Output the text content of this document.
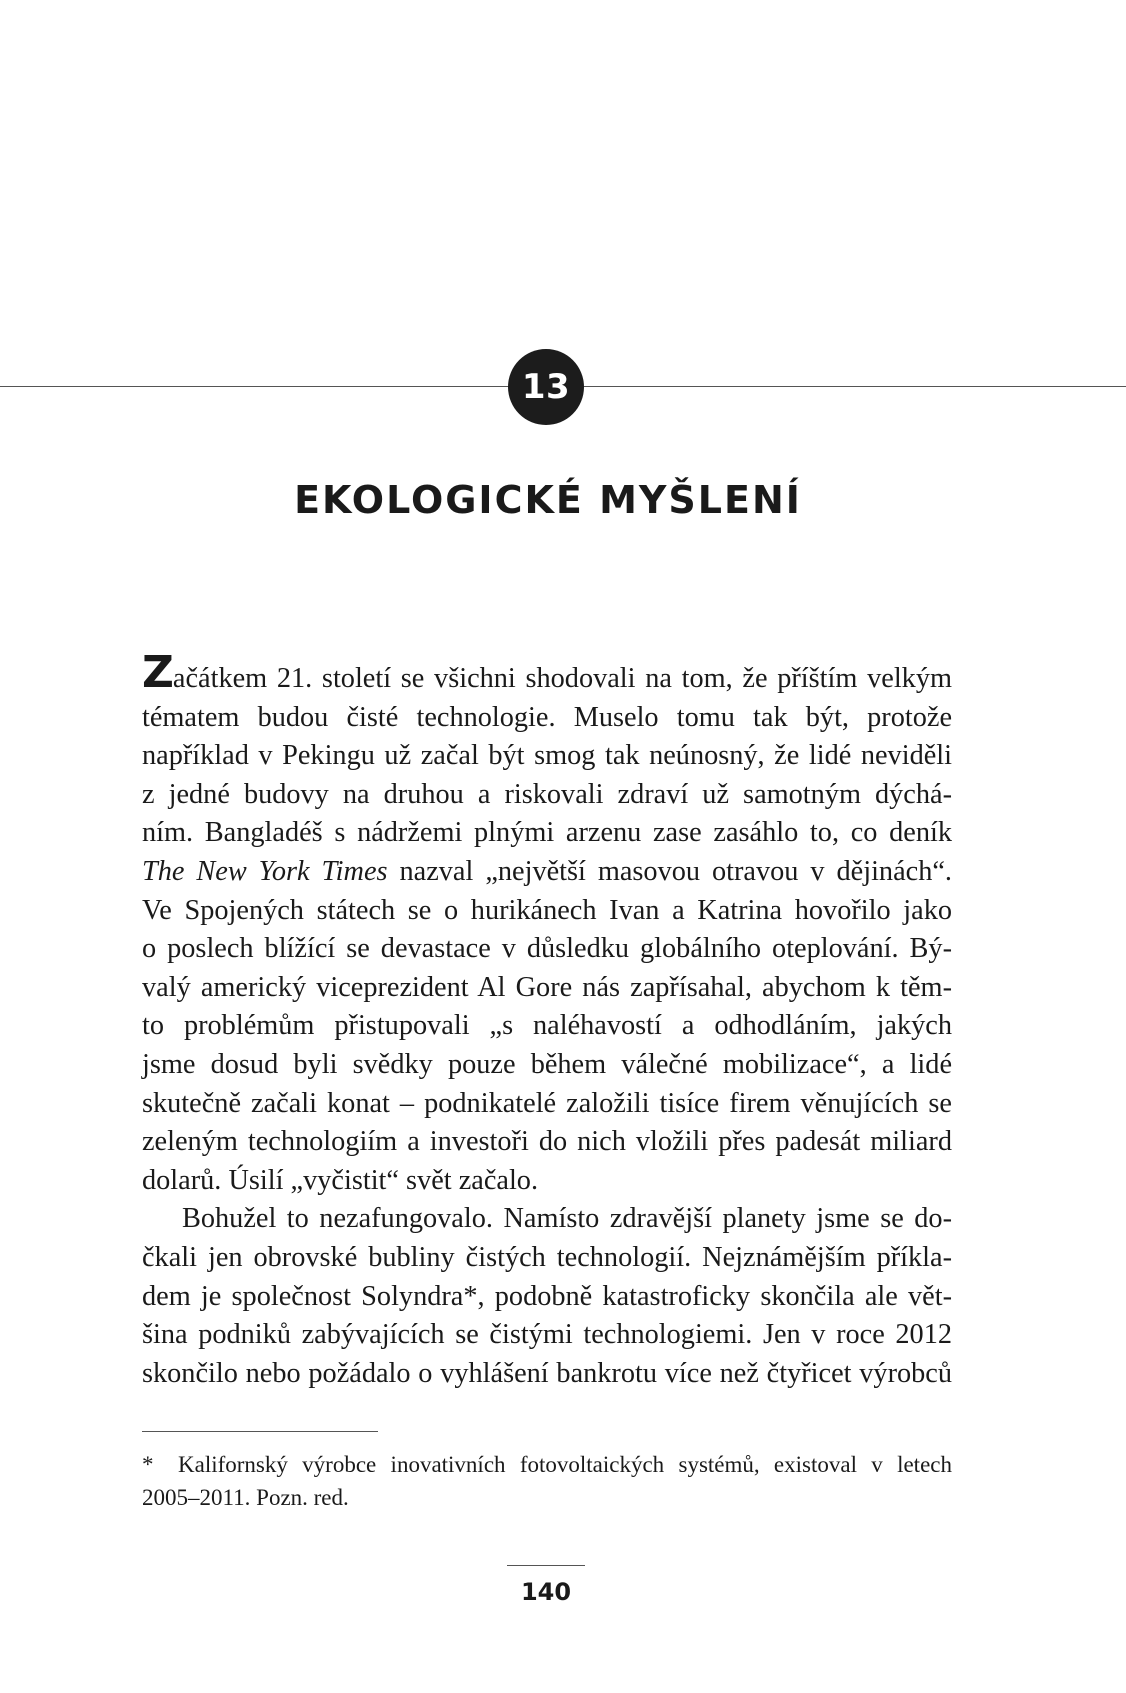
13
EKOLOGICKÉ MYŠLENÍ

Začátkem 21. století se všichni shodovali na tom, že příštím velkým
tématem budou čisté technologie. Muselo tomu tak být, protože
například v Pekingu už začal být smog tak neúnosný, že lidé neviděli
z jedné budovy na druhou a riskovali zdraví už samotným dýchá-
ním. Bangladéš s nádržemi plnými arzenu zase zasáhlo to, co deník
The New York Times nazval „největší masovou otravou v dějinách“.
Ve Spojených státech se o hurikánech Ivan a Katrina hovořilo jako
o poslech blížící se devastace v důsledku globálního oteplování. Bý-
valý americký viceprezident Al Gore nás zapřísahal, abychom k těm-
to problémům přistupovali „s naléhavostí a odhodláním, jakých
jsme dosud byli svědky pouze během válečné mobilizace“, a lidé
skutečně začali konat – podnikatelé založili tisíce firem věnujících se
zeleným technologiím a investoři do nich vložili přes padesát miliard
dolarů. Úsilí „vyčistit“ svět začalo.

Bohužel to nezafungovalo. Namísto zdravější planety jsme se do-
čkali jen obrovské bubliny čistých technologií. Nejznámějším příkla-
dem je společnost Solyndra*, podobně katastroficky skončila ale vět-
šina podniků zabývajících se čistými technologiemi. Jen v roce 2012
skončilo nebo požádalo o vyhlášení bankrotu více než čtyřicet výrobců

* Kalifornský výrobce inovativních fotovoltaických systémů, existoval v letech
2005–2011. Pozn. red.
140
